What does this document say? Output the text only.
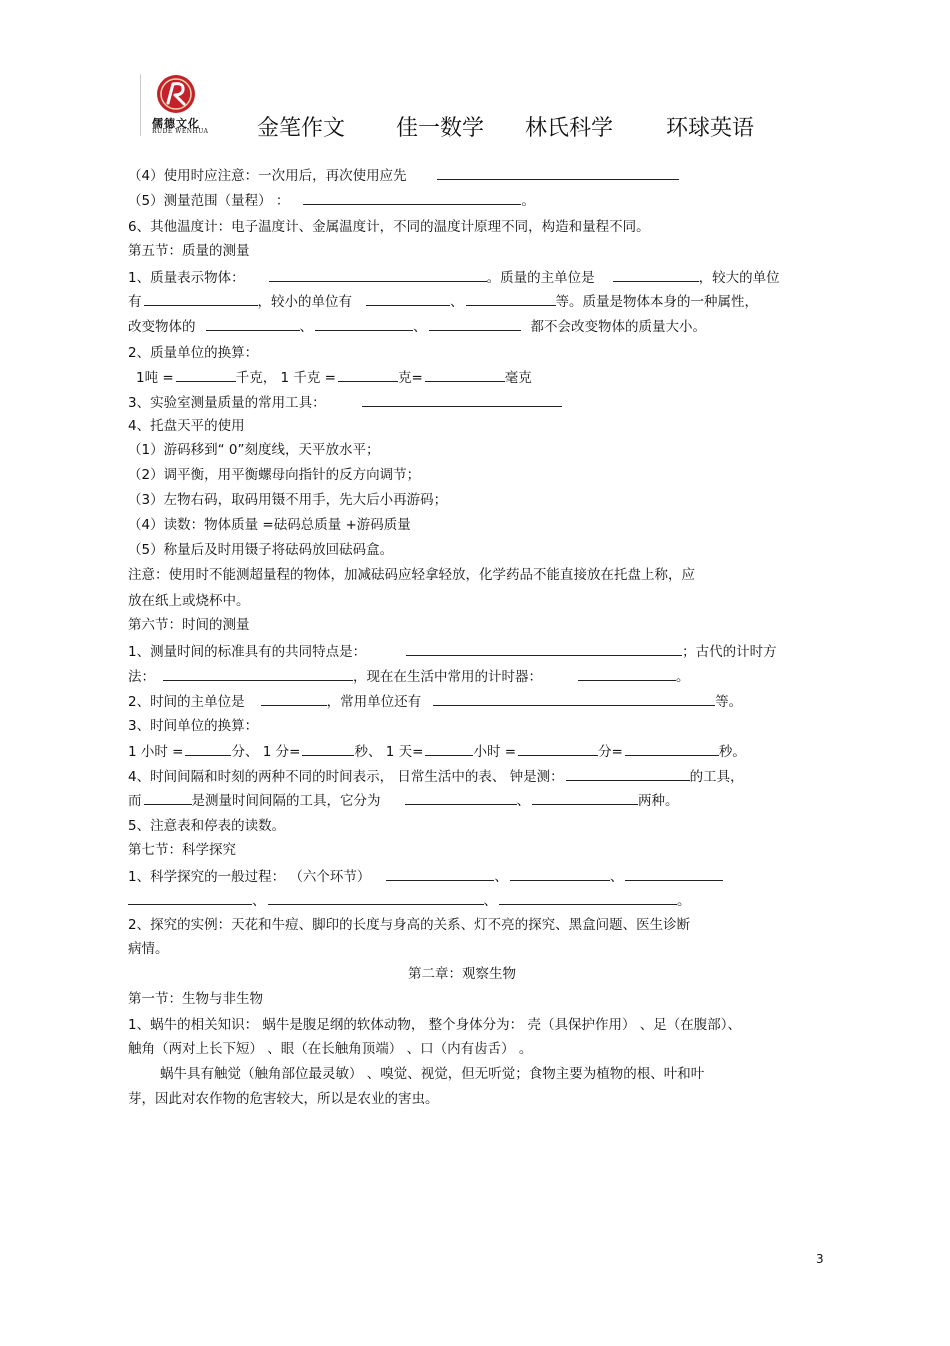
儒德文化
RUDE WENHUA 金笔作文 佳一数学 林氏科学 环球英语
（4）使用时应注意：一次用后，再次使用应先
（5）测量范围（量程） ：	。
6、其他温度计：电子温度计、金属温度计，不同的温度计原理不同，构造和量程不同。
第五节：质量的测量
1、质量表示物体：	。质量的主单位是	，较大的单位
有	，较小的单位有	、	等。质量是物体本身的一种属性，
改变物体的	、	、	都不会改变物体的质量大小。
2、质量单位的换算：
1吨 =	千克， 1 千克 =	克=	毫克
3、实验室测量质量的常用工具：
4、托盘天平的使用
（1）游码移到“ 0”刻度线，天平放水平；
（2）调平衡，用平衡螺母向指针的反方向调节；
（3）左物右码，取码用镊不用手，先大后小再游码；
（4）读数：物体质量 =砝码总质量 +游码质量
（5）称量后及时用镊子将砝码放回砝码盒。
注意：使用时不能测超量程的物体，加减砝码应轻拿轻放，化学药品不能直接放在托盘上称，应
放在纸上或烧杯中。
第六节：时间的测量
1、测量时间的标准具有的共同特点是：	；古代的计时方
法：	，现在在生活中常用的计时器：	。
2、时间的主单位是	，常用单位还有	等。
3、时间单位的换算：
1 小时 =	分、 1 分=	秒、 1 天=	小时 =	分=	秒。
4、时间间隔和时刻的两种不同的时间表示， 日常生活中的表、 钟是测：	的工具，
而	是测量时间间隔的工具，它分为	、	两种。
5、注意表和停表的读数。
第七节：科学探究
1、科学探究的一般过程： （六个环节）	、	、
、	、	。
2、探究的实例：天花和牛痘、脚印的长度与身高的关系、灯不亮的探究、黑盒问题、医生诊断
病情。
第二章：观察生物
第一节：生物与非生物
1、蜗牛的相关知识： 蜗牛是腹足纲的软体动物， 整个身体分为： 壳（具保护作用） 、足（在腹部）、
触角（两对上长下短） 、眼（在长触角顶端） 、口（内有齿舌） 。
蜗牛具有触觉（触角部位最灵敏） 、嗅觉、视觉，但无听觉；食物主要为植物的根、叶和叶
芽，因此对农作物的危害较大，所以是农业的害虫。
3
